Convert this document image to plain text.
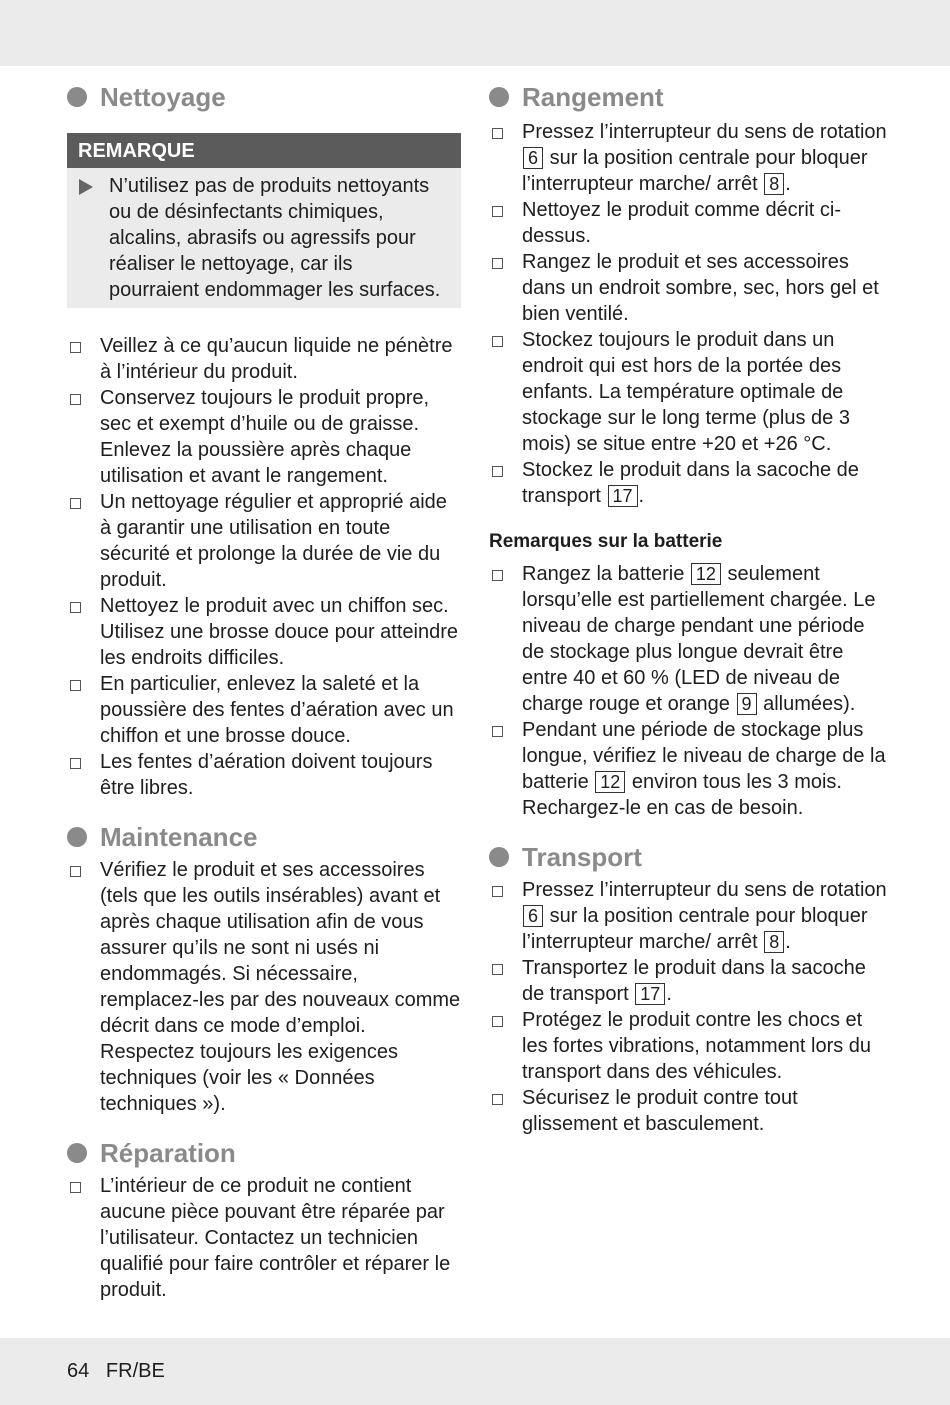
Nettoyage
REMARQUE
N’utilisez pas de produits nettoyants ou de désinfectants chimiques, alcalins, abrasifs ou agressifs pour réaliser le nettoyage, car ils pourraient endommager les surfaces.
Veillez à ce qu’aucun liquide ne pénètre à l’intérieur du produit.
Conservez toujours le produit propre, sec et exempt d’huile ou de graisse. Enlevez la poussière après chaque utilisation et avant le rangement.
Un nettoyage régulier et approprié aide à garantir une utilisation en toute sécurité et prolonge la durée de vie du produit.
Nettoyez le produit avec un chiffon sec. Utilisez une brosse douce pour atteindre les endroits difficiles.
En particulier, enlevez la saleté et la poussière des fentes d’aération avec un chiffon et une brosse douce.
Les fentes d’aération doivent toujours être libres.
Maintenance
Vérifiez le produit et ses accessoires (tels que les outils insérables) avant et après chaque utilisation afin de vous assurer qu’ils ne sont ni usés ni endommagés. Si nécessaire, remplacez-les par des nouveaux comme décrit dans ce mode d’emploi. Respectez toujours les exigences techniques (voir les « Données techniques »).
Réparation
L’intérieur de ce produit ne contient aucune pièce pouvant être réparée par l’utilisateur. Contactez un technicien qualifié pour faire contrôler et réparer le produit.
Rangement
Pressez l’interrupteur du sens de rotation 6 sur la position centrale pour bloquer l’interrupteur marche/ arrêt 8 .
Nettoyez le produit comme décrit ci-dessus.
Rangez le produit et ses accessoires dans un endroit sombre, sec, hors gel et bien ventilé.
Stockez toujours le produit dans un endroit qui est hors de la portée des enfants. La température optimale de stockage sur le long terme (plus de 3 mois) se situe entre +20 et +26 °C.
Stockez le produit dans la sacoche de transport 17 .
Remarques sur la batterie
Rangez la batterie 12 seulement lorsqu’elle est partiellement chargée. Le niveau de charge pendant une période de stockage plus longue devrait être entre 40 et 60 % (LED de niveau de charge rouge et orange 9 allumées).
Pendant une période de stockage plus longue, vérifiez le niveau de charge de la batterie 12 environ tous les 3 mois. Rechargez-le en cas de besoin.
Transport
Pressez l’interrupteur du sens de rotation 6 sur la position centrale pour bloquer l’interrupteur marche/ arrêt 8 .
Transportez le produit dans la sacoche de transport 17 .
Protégez le produit contre les chocs et les fortes vibrations, notamment lors du transport dans des véhicules.
Sécurisez le produit contre tout glissement et basculement.
64   FR/BE
